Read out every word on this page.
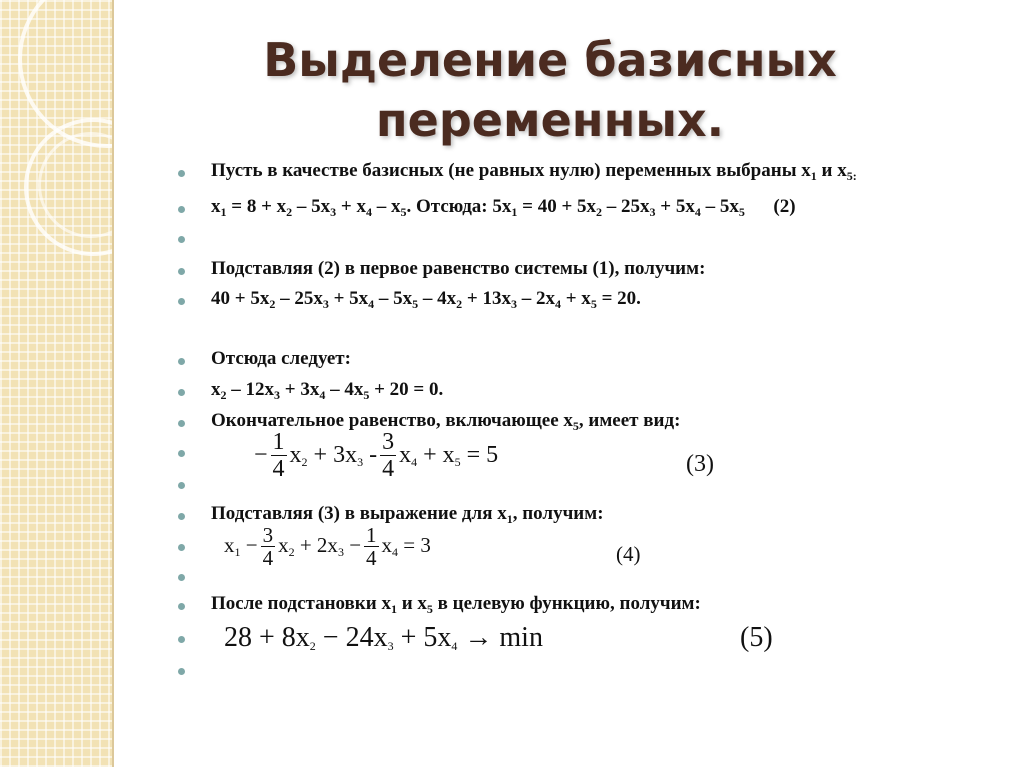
Выделение базисных
переменных.
Пусть в качестве базисных (не равных нулю) переменных выбраны $x_1$ и $x_{5:}$
$x_1 = 8 + x_2 - 5x_3 + x_4 - x_5$. Отсюда: $5x_1 = 40 + 5x_2 - 25x_3 + 5x_4 - 5x_5$      (2)
Подставляя (2) в первое равенство системы (1), получим:
$40 + 5x_2 - 25x_3 + 5x_4 - 5x_5 - 4x_2 + 13x_3 - 2x_4 + x_5 = 20$.
Отсюда следует:
$x_2 - 12x_3 + 3x_4 - 4x_5 + 20 = 0$.
Окончательное равенство, включающее $x_5$, имеет вид:
− $\frac{1}{4} x_2 + 3x_3 - \frac{3}{4} x_4 + x_5 = 5$	(3)
Подставляя (3) в выражение для $x_1$, получим:
$x_1 - \frac{3}{4} x_2 + 2x_3 - \frac{1}{4} x_4 = 3$	(4)
После подстановки $x_1$ и $x_5$ в целевую функцию, получим:
$28 + 8x_2 - 24x_3 + 5x_4 \to \min$	(5)
